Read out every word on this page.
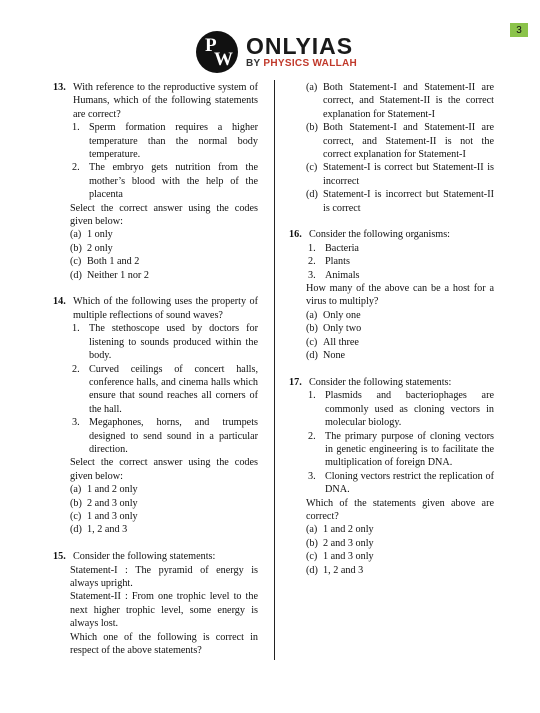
3
P
W
ONLYIAS
BY PHYSICS WALLAH
13. With reference to the reproductive system of Humans, which of the following statements are correct?
1. Sperm formation requires a higher temperature than the normal body temperature.
2. The embryo gets nutrition from the mother’s blood with the help of the placenta
Select the correct answer using the codes given below:
(a) 1 only
(b) 2 only
(c) Both 1 and 2
(d) Neither 1 nor 2
14. Which of the following uses the property of multiple reflections of sound waves?
1. The stethoscope used by doctors for listening to sounds produced within the body.
2. Curved ceilings of concert halls, conference halls, and cinema halls which ensure that sound reaches all corners of the hall.
3. Megaphones, horns, and trumpets designed to send sound in a particular direction.
Select the correct answer using the codes given below:
(a) 1 and 2 only
(b) 2 and 3 only
(c) 1 and 3 only
(d) 1, 2 and 3
15. Consider the following statements:
Statement-I : The pyramid of energy is always upright.
Statement-II : From one trophic level to the next higher trophic level, some energy is always lost.
Which one of the following is correct in respect of the above statements?
(a) Both Statement-I and Statement-II are correct, and Statement-II is the correct explanation for Statement-I
(b) Both Statement-I and Statement-II are correct, and Statement-II is not the correct explanation for Statement-I
(c) Statement-I is correct but Statement-II is incorrect
(d) Statement-I is incorrect but Statement-II is correct
16. Consider the following organisms:
1. Bacteria
2. Plants
3. Animals
How many of the above can be a host for a virus to multiply?
(a) Only one
(b) Only two
(c) All three
(d) None
17. Consider the following statements:
1. Plasmids and bacteriophages are commonly used as cloning vectors in molecular biology.
2. The primary purpose of cloning vectors in genetic engineering is to facilitate the multiplication of foreign DNA.
3. Cloning vectors restrict the replication of DNA.
Which of the statements given above are correct?
(a) 1 and 2 only
(b) 2 and 3 only
(c) 1 and 3 only
(d) 1, 2 and 3
